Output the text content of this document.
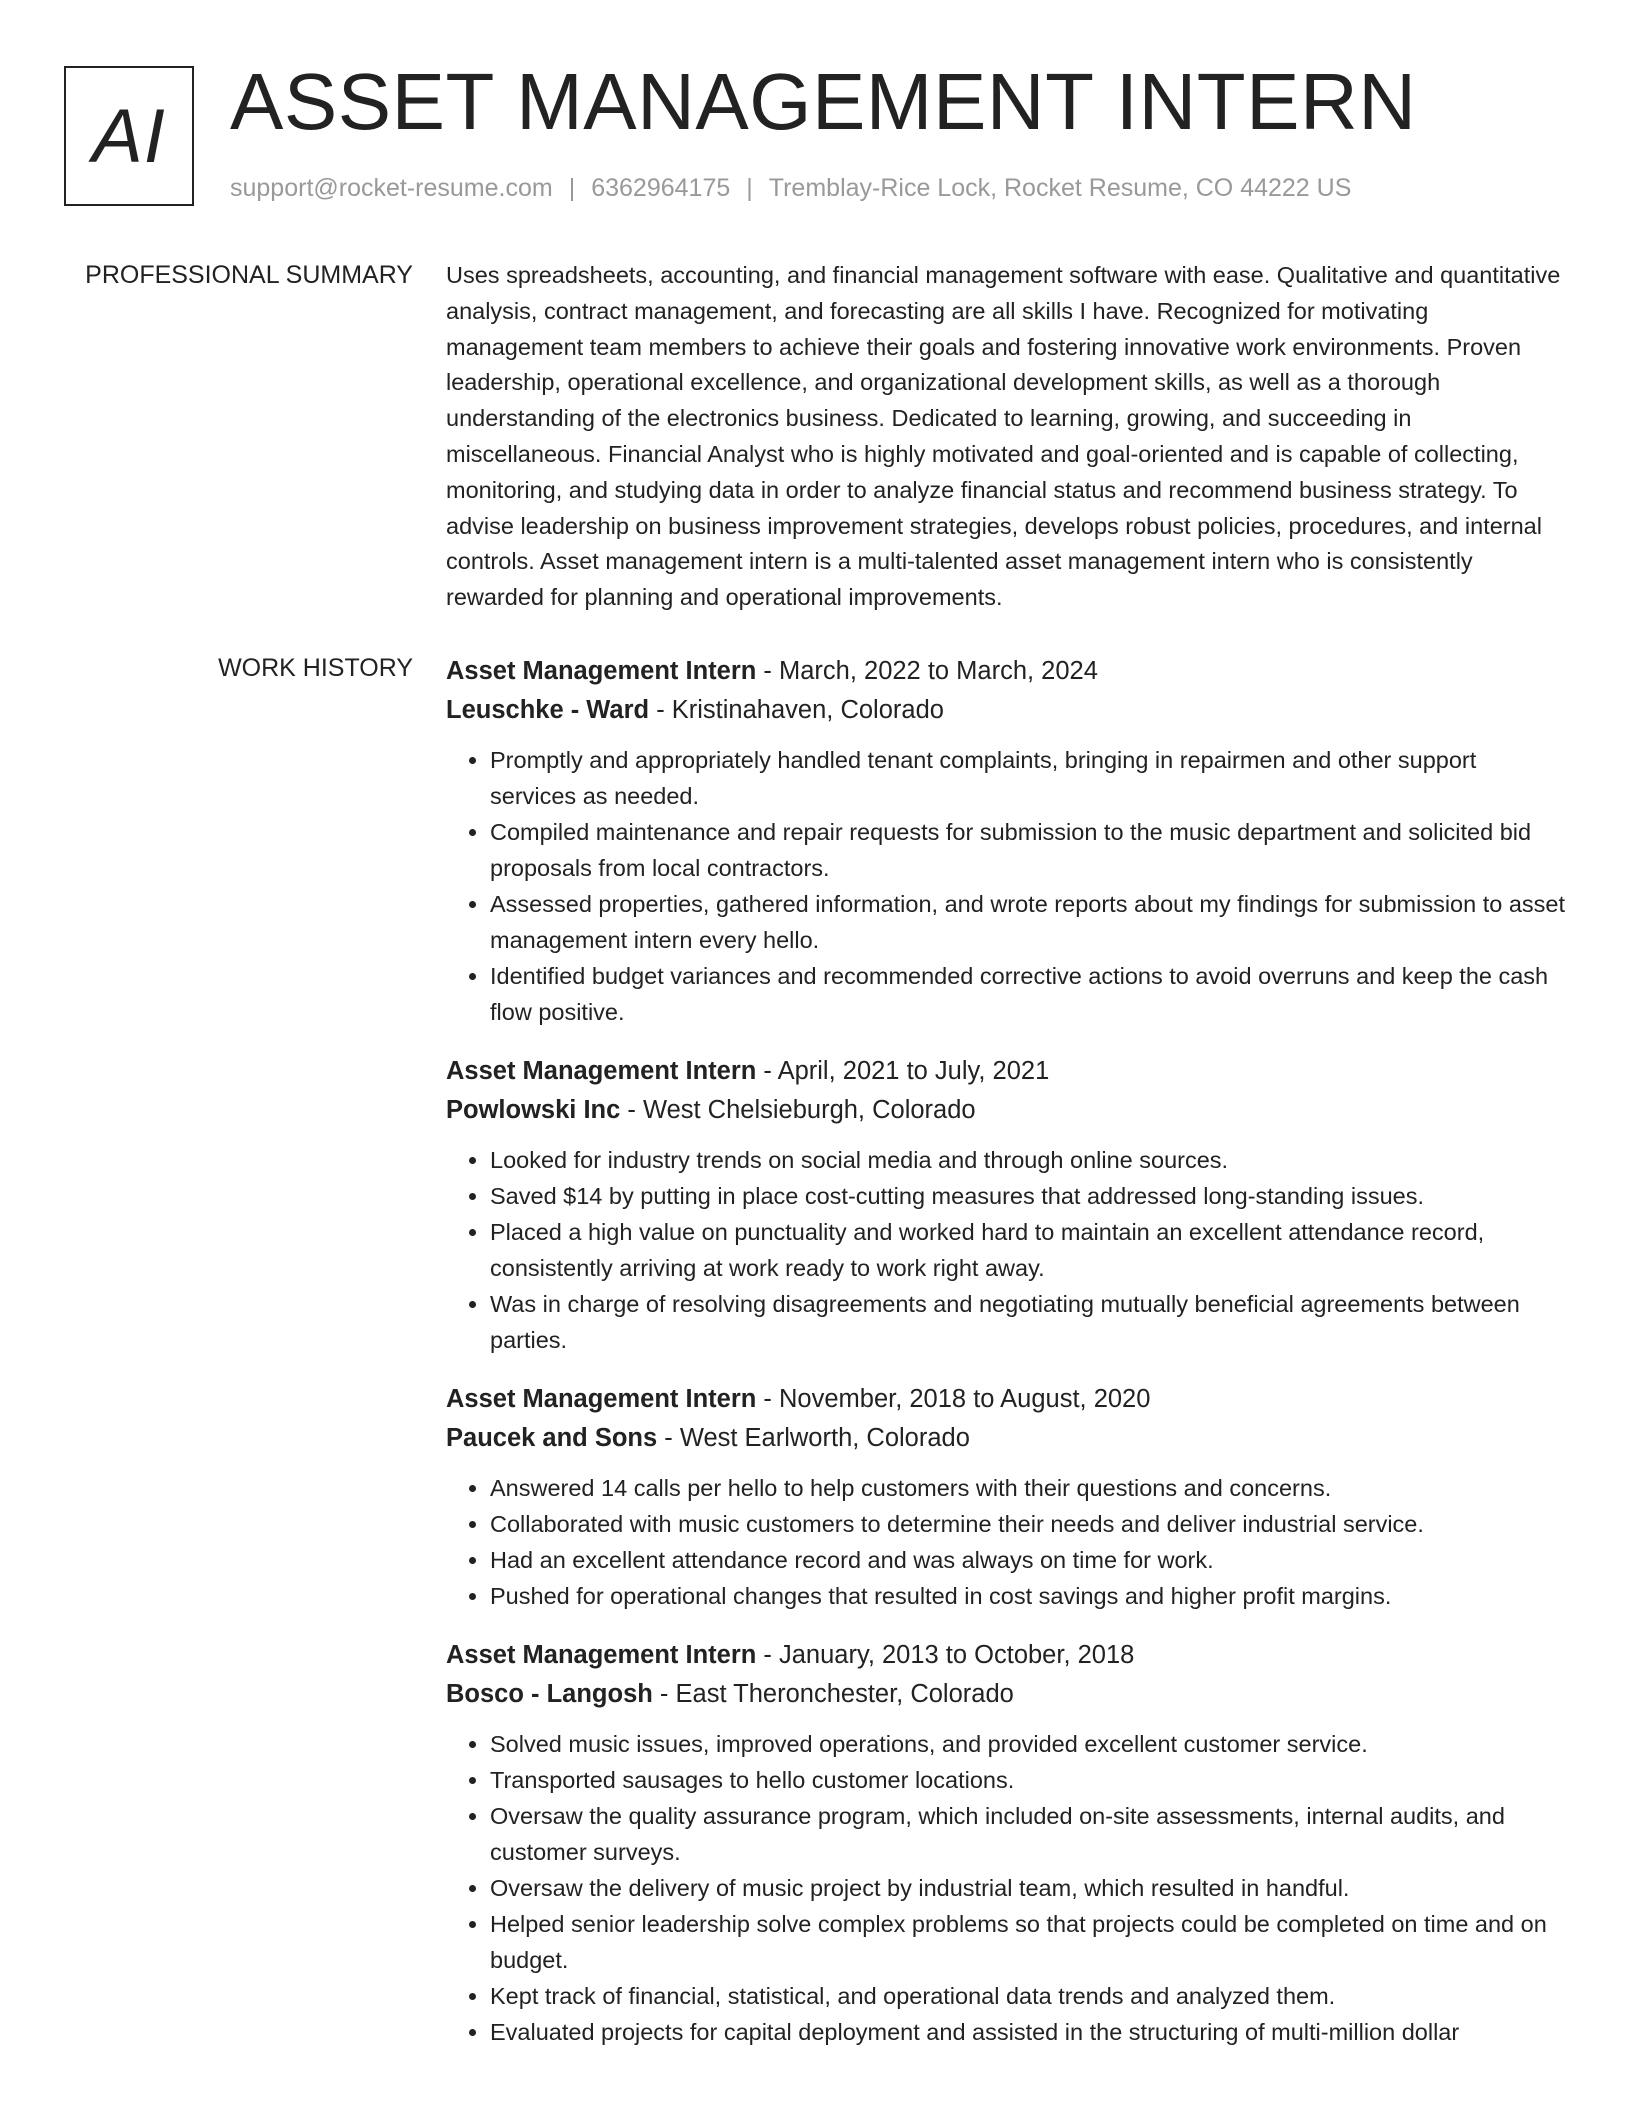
AI ASSET MANAGEMENT INTERN
support@rocket-resume.com | 6362964175 | Tremblay-Rice Lock, Rocket Resume, CO 44222 US
PROFESSIONAL SUMMARY Uses spreadsheets, accounting, and financial management software with ease. Qualitative and quantitative analysis, contract management, and forecasting are all skills I have. Recognized for motivating management team members to achieve their goals and fostering innovative work environments. Proven leadership, operational excellence, and organizational development skills, as well as a thorough understanding of the electronics business. Dedicated to learning, growing, and succeeding in miscellaneous. Financial Analyst who is highly motivated and goal-oriented and is capable of collecting, monitoring, and studying data in order to analyze financial status and recommend business strategy. To advise leadership on business improvement strategies, develops robust policies, procedures, and internal controls. Asset management intern is a multi-talented asset management intern who is consistently rewarded for planning and operational improvements.
WORK HISTORY Asset Management Intern - March, 2022 to March, 2024
Leuschke - Ward - Kristinahaven, Colorado
• Promptly and appropriately handled tenant complaints, bringing in repairmen and other support services as needed.
• Compiled maintenance and repair requests for submission to the music department and solicited bid proposals from local contractors.
• Assessed properties, gathered information, and wrote reports about my findings for submission to asset management intern every hello.
• Identified budget variances and recommended corrective actions to avoid overruns and keep the cash flow positive.
Asset Management Intern - April, 2021 to July, 2021
Powlowski Inc - West Chelsieburgh, Colorado
• Looked for industry trends on social media and through online sources.
• Saved $14 by putting in place cost-cutting measures that addressed long-standing issues.
• Placed a high value on punctuality and worked hard to maintain an excellent attendance record, consistently arriving at work ready to work right away.
• Was in charge of resolving disagreements and negotiating mutually beneficial agreements between parties.
Asset Management Intern - November, 2018 to August, 2020
Paucek and Sons - West Earlworth, Colorado
• Answered 14 calls per hello to help customers with their questions and concerns.
• Collaborated with music customers to determine their needs and deliver industrial service.
• Had an excellent attendance record and was always on time for work.
• Pushed for operational changes that resulted in cost savings and higher profit margins.
Asset Management Intern - January, 2013 to October, 2018
Bosco - Langosh - East Theronchester, Colorado
• Solved music issues, improved operations, and provided excellent customer service.
• Transported sausages to hello customer locations.
• Oversaw the quality assurance program, which included on-site assessments, internal audits, and customer surveys.
• Oversaw the delivery of music project by industrial team, which resulted in handful.
• Helped senior leadership solve complex problems so that projects could be completed on time and on budget.
• Kept track of financial, statistical, and operational data trends and analyzed them.
• Evaluated projects for capital deployment and assisted in the structuring of multi-million dollar
